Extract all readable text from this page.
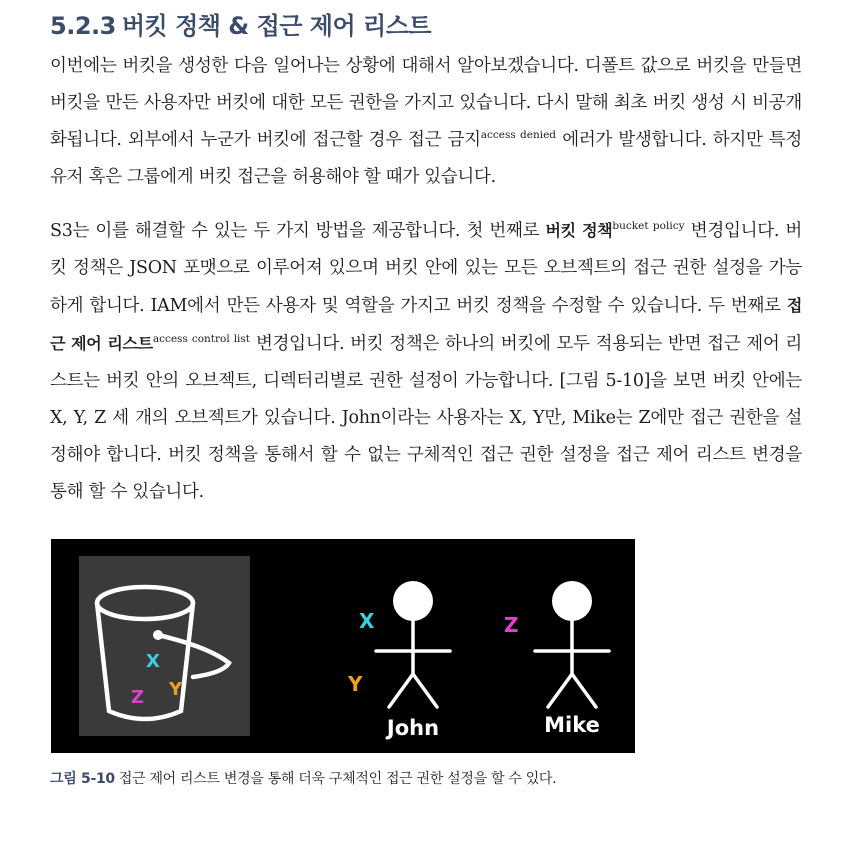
5.2.3 버킷 정책 & 접근 제어 리스트

이번에는 버킷을 생성한 다음 일어나는 상황에 대해서 알아보겠습니다. 디폴트 값으로 버킷을 만들면 버킷을 만든 사용자만 버킷에 대한 모든 권한을 가지고 있습니다. 다시 말해 최초 버킷 생성 시 비공개화됩니다. 외부에서 누군가 버킷에 접근할 경우 접근 금지$^{access denied}$ 에러가 발생합니다. 하지만 특정 유저 혹은 그룹에게 버킷 접근을 허용해야 할 때가 있습니다.

S3는 이를 해결할 수 있는 두 가지 방법을 제공합니다. 첫 번째로 버킷 정책$^{bucket policy}$ 변경입니다. 버킷 정책은 JSON 포맷으로 이루어져 있으며 버킷 안에 있는 모든 오브젝트의 접근 권한 설정을 가능하게 합니다. IAM에서 만든 사용자 및 역할을 가지고 버킷 정책을 수정할 수 있습니다. 두 번째로 접근 제어 리스트$^{access control list}$ 변경입니다. 버킷 정책은 하나의 버킷에 모두 적용되는 반면 접근 제어 리스트는 버킷 안의 오브젝트, 디렉터리별로 권한 설정이 가능합니다. [그림 5-10]을 보면 버킷 안에는 X, Y, Z 세 개의 오브젝트가 있습니다. John이라는 사용자는 X, Y만, Mike는 Z에만 접근 권한을 설정해야 합니다. 버킷 정책을 통해서 할 수 없는 구체적인 접근 권한 설정을 접근 제어 리스트 변경을 통해 할 수 있습니다.

X
Z Y
X
Y
John
Z
Mike

그림 5-10 접근 제어 리스트 변경을 통해 더욱 구체적인 접근 권한 설정을 할 수 있다.
